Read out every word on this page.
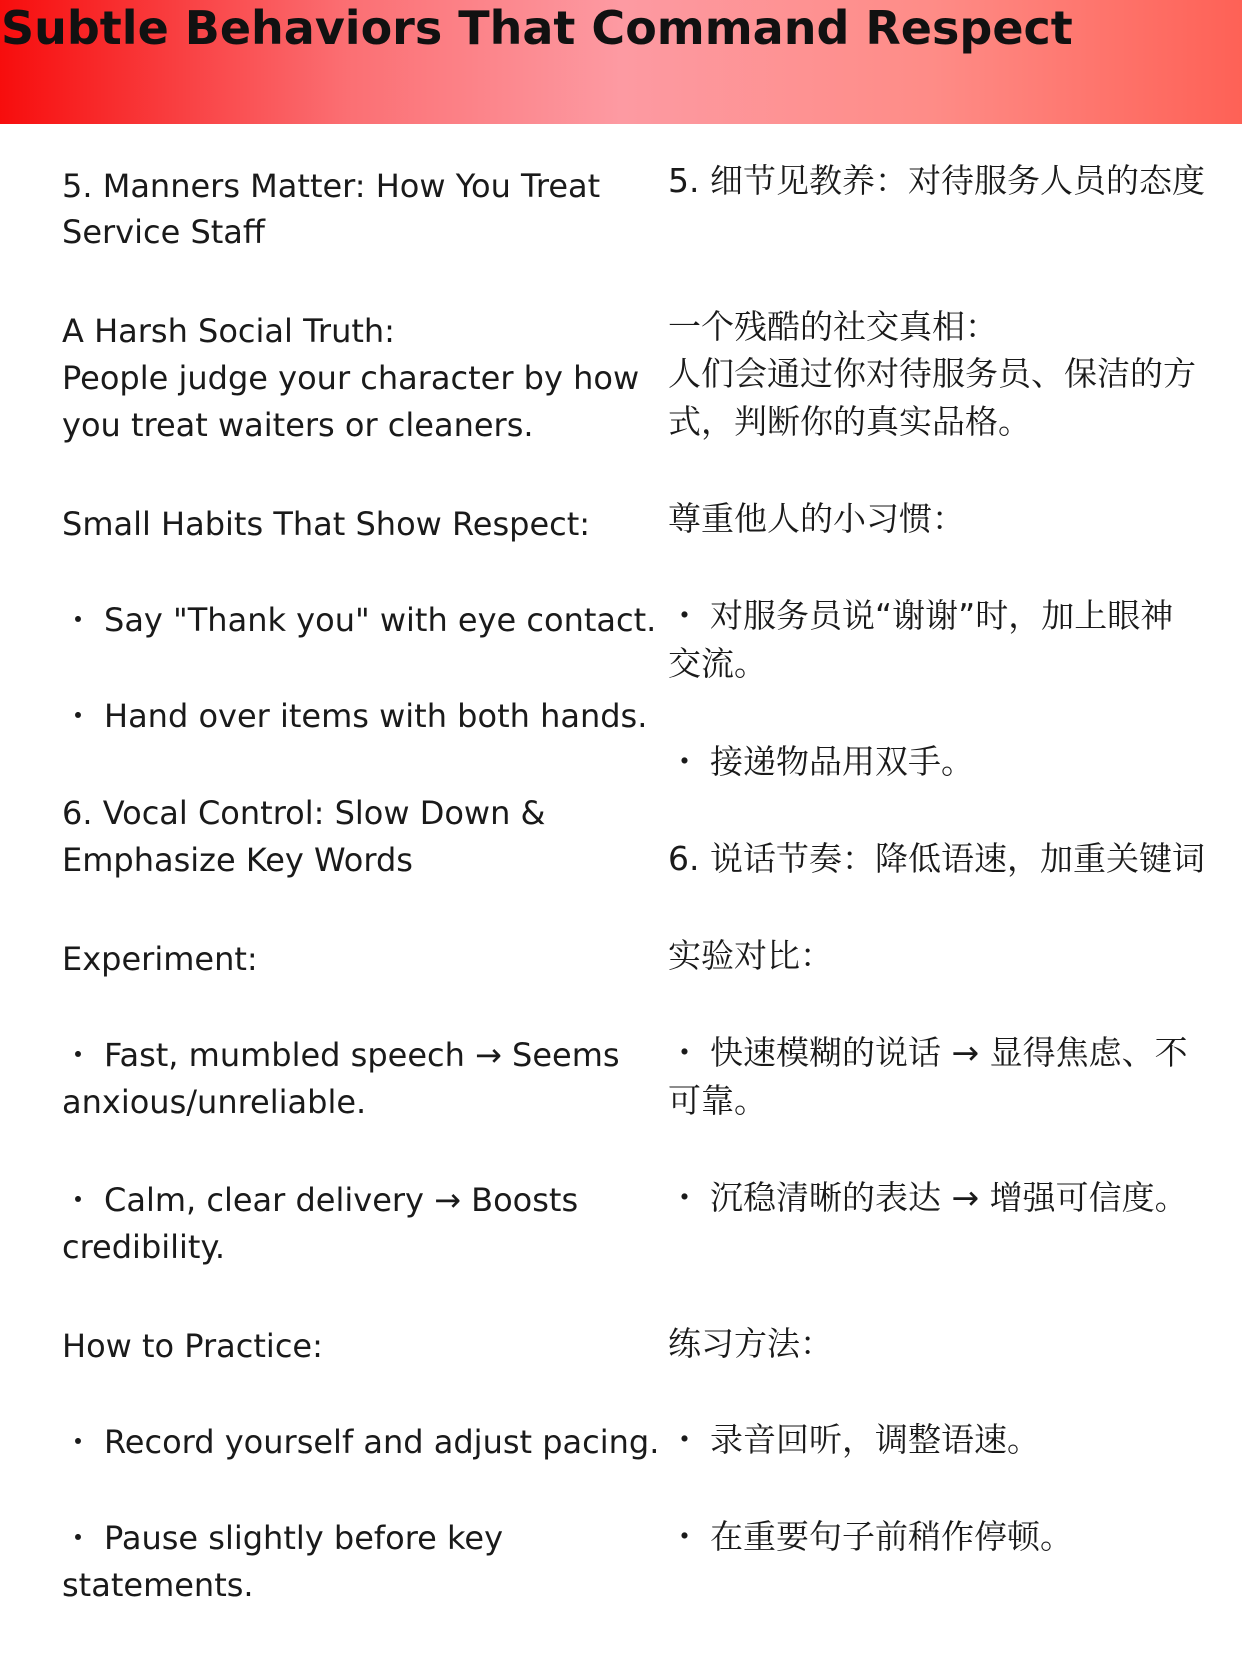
Subtle Behaviors That Command Respect

5. Manners Matter: How You Treat

Service Staff

A Harsh Social Truth:

People judge your character by how

you treat waiters or cleaners.

Small Habits That Show Respect:

・ Say "Thank you" with eye contact.

・ Hand over items with both hands.

6. Vocal Control: Slow Down &

Emphasize Key Words

Experiment:

・ Fast, mumbled speech → Seems

anxious/unreliable.

・ Calm, clear delivery → Boosts

credibility.

How to Practice:

・ Record yourself and adjust pacing.

・ Pause slightly before key

statements.

5. 细节见教养：对待服务人员的态度

一个残酷的社交真相：

人们会通过你对待服务员、保洁的方

式，判断你的真实品格。

尊重他人的小习惯：

・ 对服务员说“谢谢”时，加上眼神

交流。

・ 接递物品用双手。

6. 说话节奏：降低语速，加重关键词

实验对比：

・ 快速模糊的说话 → 显得焦虑、不

可靠。

・ 沉稳清晰的表达 → 增强可信度。

练习方法：

・ 录音回听，调整语速。

・ 在重要句子前稍作停顿。
